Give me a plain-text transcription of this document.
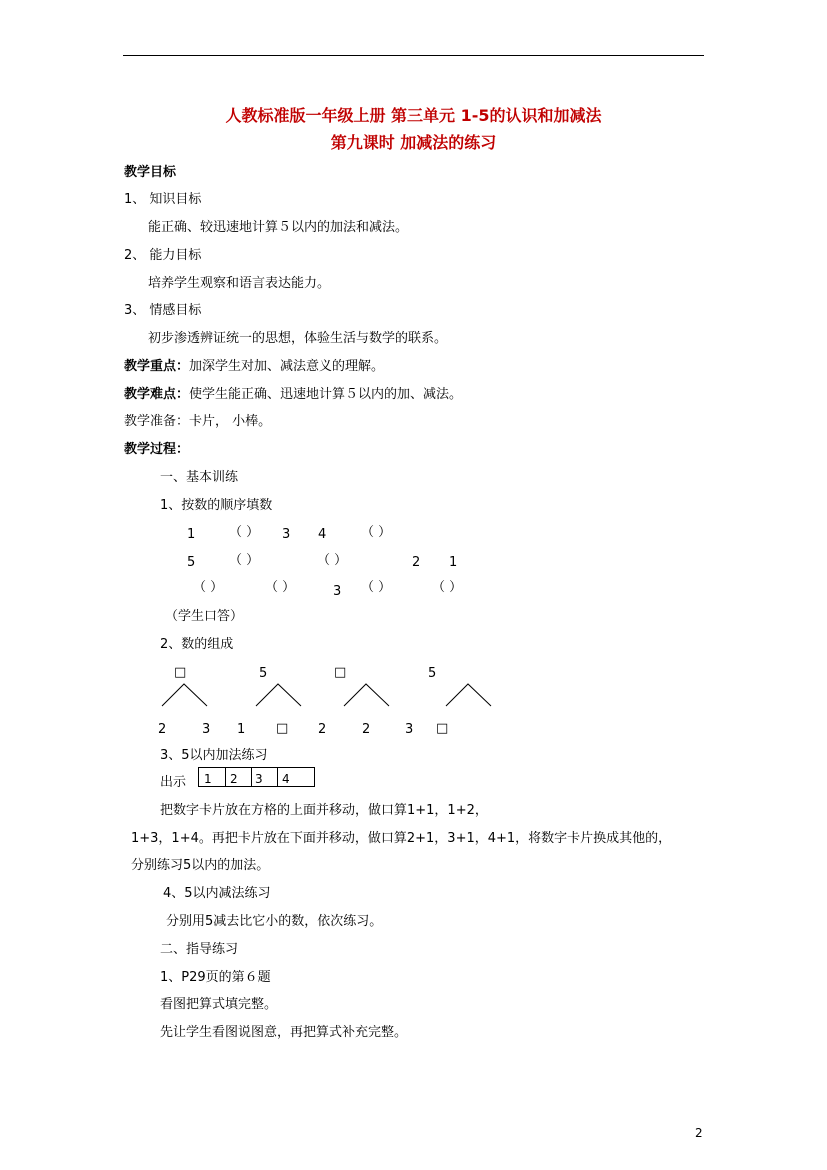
人教标准版一年级上册 第三单元 1-5的认识和加减法
第九课时 加减法的练习
教学目标
1、 知识目标
能正确、较迅速地计算５以内的加法和减法。
2、 能力目标
培养学生观察和语言表达能力。
3、 情感目标
初步渗透辨证统一的思想，体验生活与数学的联系。
教学重点：加深学生对加、减法意义的理解。
教学难点：使学生能正确、迅速地计算５以内的加、减法。
教学准备：卡片， 小棒。
教学过程：
一、基本训练
1、按数的顺序填数
1	（ ） 3 4	（ ）
5	（ ）	（ ）	2 1
（ ）	（ ）	3 （ ）	（ ）
（学生口答）
2、数的组成
□	5	□	5
2	3 1 □ 2	2	3 □
3、5以内加法练习
出示 1 2 3 4
把数字卡片放在方格的上面并移动，做口算1+1，1+2，
1+3，1+4。再把卡片放在下面并移动，做口算2+1，3+1，4+1，将数字卡片换成其他的，
分别练习5以内的加法。
4、5以内减法练习
分别用5减去比它小的数，依次练习。
二、指导练习
1、P29页的第６题
看图把算式填完整。
先让学生看图说图意，再把算式补充完整。
2
